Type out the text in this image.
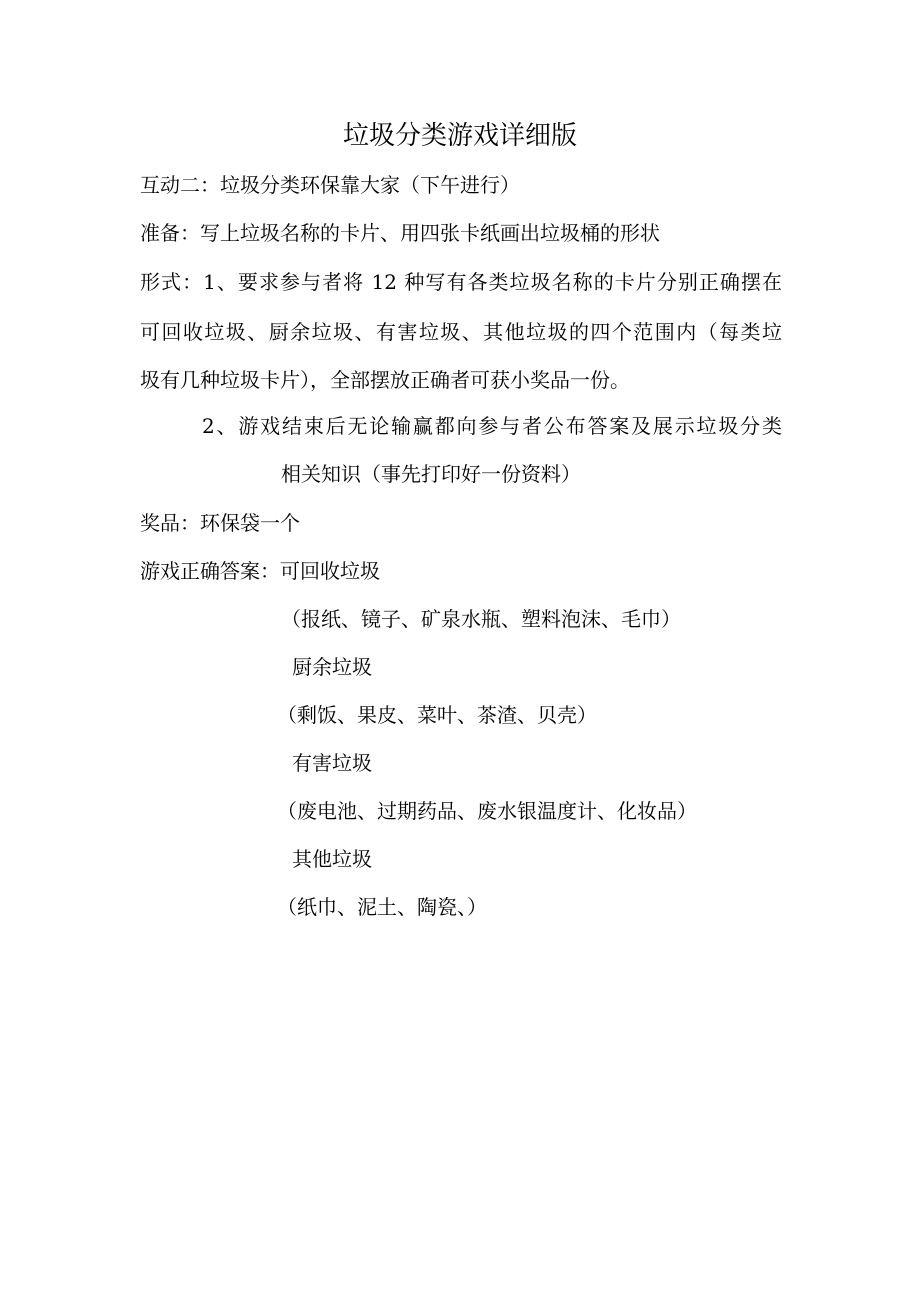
垃圾分类游戏详细版
互动二：垃圾分类环保靠大家（下午进行）
准备：写上垃圾名称的卡片、用四张卡纸画出垃圾桶的形状
形式：1、要求参与者将 12 种写有各类垃圾名称的卡片分别正确摆在
可回收垃圾、厨余垃圾、有害垃圾、其他垃圾的四个范围内（每类垃
圾有几种垃圾卡片），全部摆放正确者可获小奖品一份。
2、游戏结束后无论输赢都向参与者公布答案及展示垃圾分类
相关知识（事先打印好一份资料）
奖品：环保袋一个
游戏正确答案：可回收垃圾
（报纸、镜子、矿泉水瓶、塑料泡沫、毛巾）
厨余垃圾
（剩饭、果皮、菜叶、茶渣、贝壳）
有害垃圾
（废电池、过期药品、废水银温度计、化妆品）
其他垃圾
（纸巾、泥土、陶瓷、）
